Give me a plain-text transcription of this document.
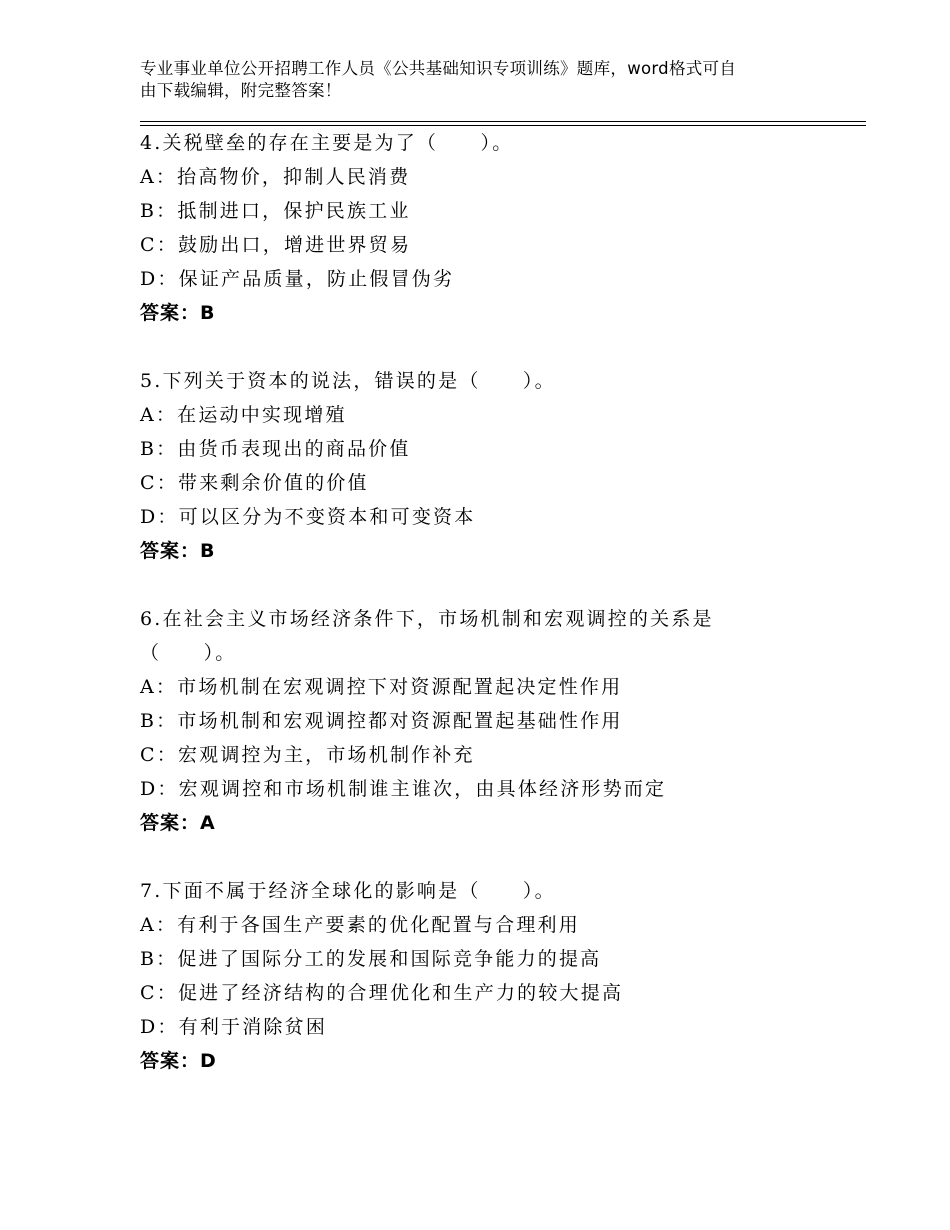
专业事业单位公开招聘工作人员《公共基础知识专项训练》题库，word格式可自
由下载编辑，附完整答案！
4.关税壁垒的存在主要是为了（　　）。
A：抬高物价，抑制人民消费
B：抵制进口，保护民族工业
C：鼓励出口，增进世界贸易
D：保证产品质量，防止假冒伪劣
答案：B
5.下列关于资本的说法，错误的是（　　）。
A：在运动中实现增殖
B：由货币表现出的商品价值
C：带来剩余价值的价值
D：可以区分为不变资本和可变资本
答案：B
6.在社会主义市场经济条件下，市场机制和宏观调控的关系是
（　　）。
A：市场机制在宏观调控下对资源配置起决定性作用
B：市场机制和宏观调控都对资源配置起基础性作用
C：宏观调控为主，市场机制作补充
D：宏观调控和市场机制谁主谁次，由具体经济形势而定
答案：A
7.下面不属于经济全球化的影响是（　　）。
A：有利于各国生产要素的优化配置与合理利用
B：促进了国际分工的发展和国际竞争能力的提高
C：促进了经济结构的合理优化和生产力的较大提高
D：有利于消除贫困
答案：D
